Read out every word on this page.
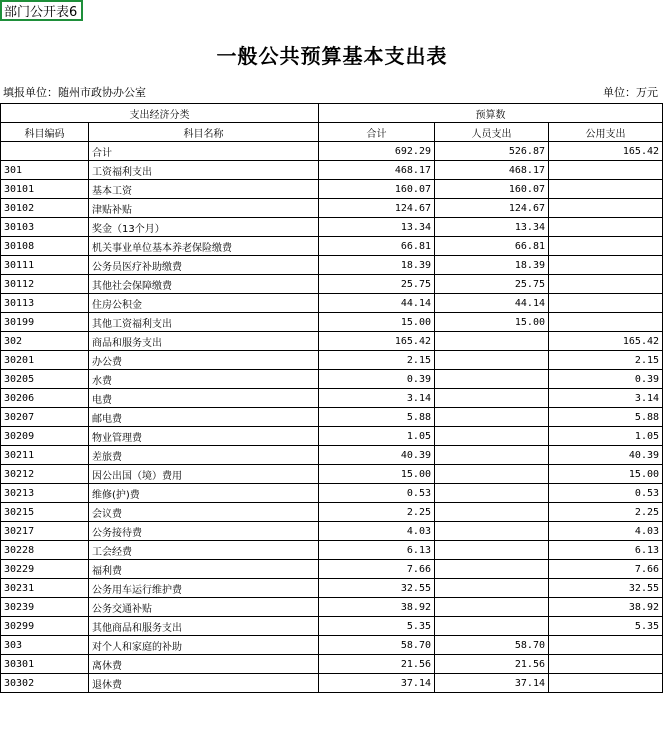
部门公开表6
一般公共预算基本支出表
填报单位：随州市政协办公室	单位：万元
支出经济分类		预算数		
科目编码	科目名称	合计	人员支出	公用支出
	合计	692.29	526.87	165.42
301	工资福利支出	468.17	468.17	
30101	基本工资	160.07	160.07	
30102	津贴补贴	124.67	124.67	
30103	奖金（13个月）	13.34	13.34	
30108	机关事业单位基本养老保险缴费	66.81	66.81	
30111	公务员医疗补助缴费	18.39	18.39	
30112	其他社会保障缴费	25.75	25.75	
30113	住房公积金	44.14	44.14	
30199	其他工资福利支出	15.00	15.00	
302	商品和服务支出	165.42		165.42
30201	办公费	2.15		2.15
30205	水费	0.39		0.39
30206	电费	3.14		3.14
30207	邮电费	5.88		5.88
30209	物业管理费	1.05		1.05
30211	差旅费	40.39		40.39
30212	因公出国（境）费用	15.00		15.00
30213	维修(护)费	0.53		0.53
30215	会议费	2.25		2.25
30217	公务接待费	4.03		4.03
30228	工会经费	6.13		6.13
30229	福利费	7.66		7.66
30231	公务用车运行维护费	32.55		32.55
30239	公务交通补贴	38.92		38.92
30299	其他商品和服务支出	5.35		5.35
303	对个人和家庭的补助	58.70	58.70	
30301	离休费	21.56	21.56	
30302	退休费	37.14	37.14	
